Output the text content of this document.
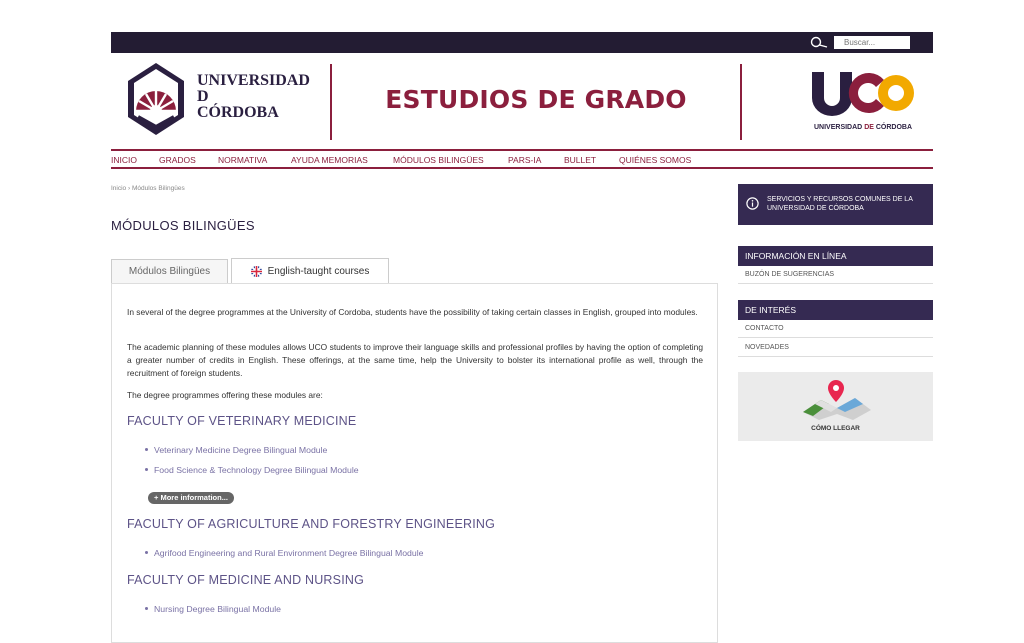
Buscar...
UNIVERSIDAD
D
CÓRDOBA	ESTUDIOS DE GRADO
UNIVERSIDAD DE CÓRDOBA
INICIO	GRADOS	NORMATIVA	AYUDA MEMORIAS	MÓDULOS BILINGÜES	PARS-IA	BULLET	QUIÉNES SOMOS
Inicio › Módulos Bilingües
MÓDULOS BILINGÜES
Módulos Bilingües	English-taught courses

In several of the degree programmes at the University of Cordoba, students have the possibility of taking certain classes in English, grouped into modules.

The academic planning of these modules allows UCO students to improve their language skills and professional profiles by having the option of completing a greater number of credits in English. These offerings, at the same time, help the University to bolster its international profile as well, through the recruitment of foreign students.

The degree programmes offering these modules are:

FACULTY OF VETERINARY MEDICINE
Veterinary Medicine Degree Bilingual Module
Food Science & Technology Degree Bilingual Module
+ More information...
FACULTY OF AGRICULTURE AND FORESTRY ENGINEERING
Agrifood Engineering and Rural Environment Degree Bilingual Module
FACULTY OF MEDICINE AND NURSING
Nursing Degree Bilingual Module
SERVICIOS Y RECURSOS COMUNES DE LA UNIVERSIDAD DE CÓRDOBA
INFORMACIÓN EN LÍNEA
BUZÓN DE SUGERENCIAS
DE INTERÉS
CONTACTO
NOVEDADES
CÓMO LLEGAR
